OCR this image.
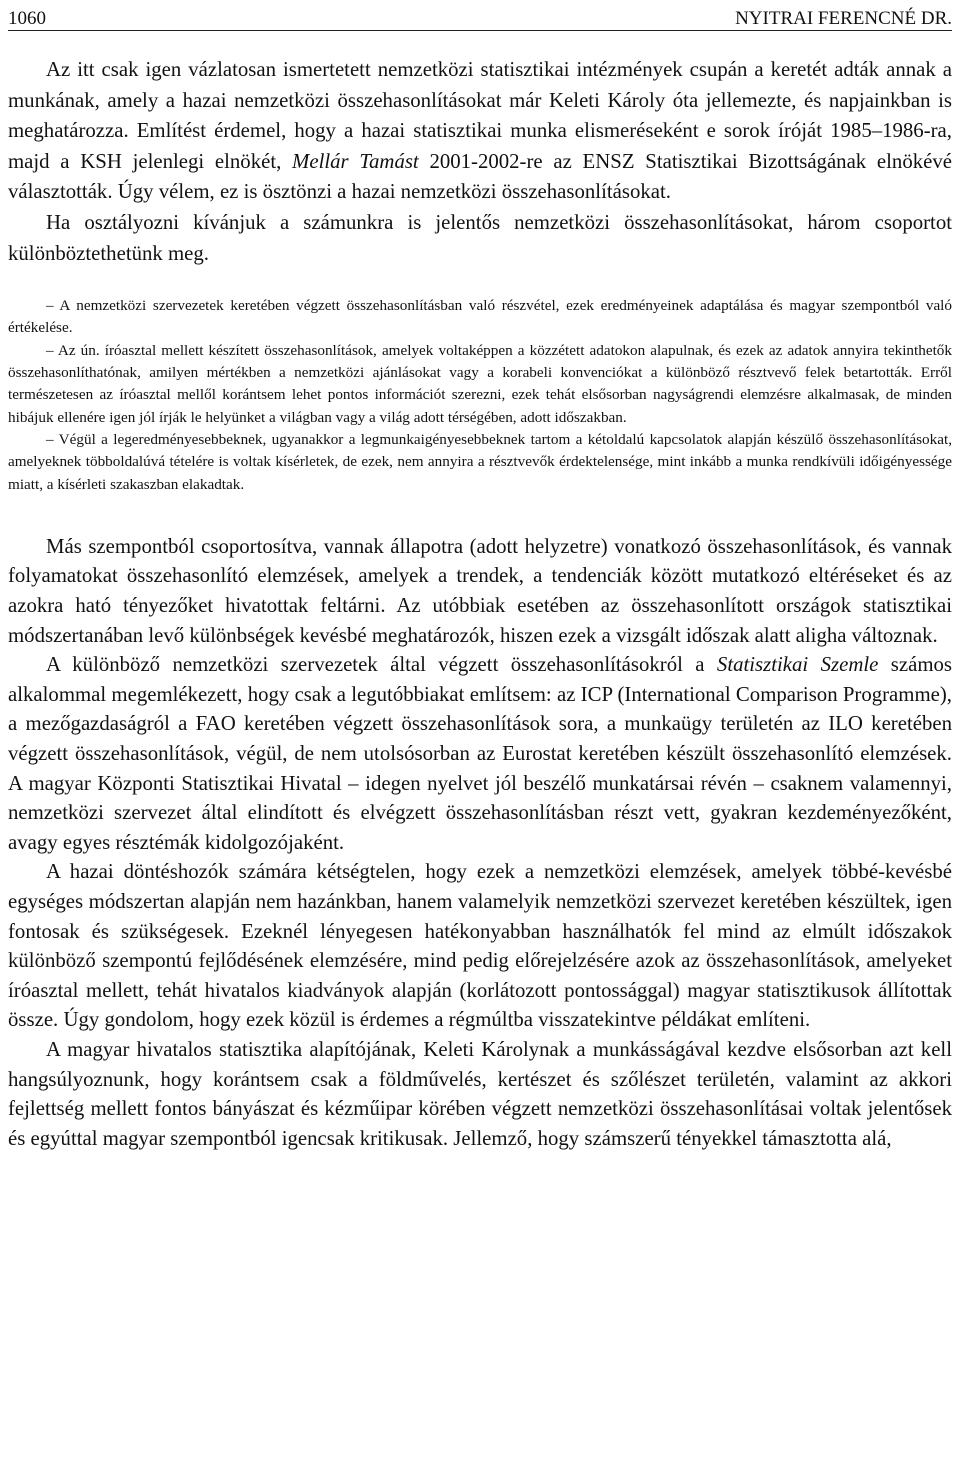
1060	NYITRAI FERENCNÉ DR.

Az itt csak igen vázlatosan ismertetett nemzetközi statisztikai intézmények csupán a keretét adták annak a munkának, amely a hazai nemzetközi összehasonlításokat már Keleti Károly óta jellemezte, és napjainkban is meghatározza. Említést érdemel, hogy a hazai statisztikai munka elismeréseként e sorok íróját 1985–1986-ra, majd a KSH jelenlegi elnökét, Mellár Tamást 2001-2002-re az ENSZ Statisztikai Bizottságának elnökévé választották. Úgy vélem, ez is ösztönzi a hazai nemzetközi összehasonlításokat.

Ha osztályozni kívánjuk a számunkra is jelentős nemzetközi összehasonlításokat, három csoportot különböztethetünk meg.

– A nemzetközi szervezetek keretében végzett összehasonlításban való részvétel, ezek eredményeinek adaptálása és magyar szempontból való értékelése.

– Az ún. íróasztal mellett készített összehasonlítások, amelyek voltaképpen a közzétett adatokon alapulnak, és ezek az adatok annyira tekinthetők összehasonlíthatónak, amilyen mértékben a nemzetközi ajánlásokat vagy a korabeli konvenciókat a különböző résztvevő felek betartották. Erről természetesen az íróasztal mellől korántsem lehet pontos információt szerezni, ezek tehát elsősorban nagyságrendi elemzésre alkalmasak, de minden hibájuk ellenére igen jól írják le helyünket a világban vagy a világ adott térségében, adott időszakban.

– Végül a legeredményesebbeknek, ugyanakkor a legmunkaigényesebbeknek tartom a kétoldalú kapcsolatok alapján készülő összehasonlításokat, amelyeknek többoldalúvá tételére is voltak kísérletek, de ezek, nem annyira a résztvevők érdektelensége, mint inkább a munka rendkívüli időigényessége miatt, a kísérleti szakaszban elakadtak.

Más szempontból csoportosítva, vannak állapotra (adott helyzetre) vonatkozó összehasonlítások, és vannak folyamatokat összehasonlító elemzések, amelyek a trendek, a tendenciák között mutatkozó eltéréseket és az azokra ható tényezőket hivatottak feltárni. Az utóbbiak esetében az összehasonlított országok statisztikai módszertanában levő különbségek kevésbé meghatározók, hiszen ezek a vizsgált időszak alatt aligha változnak.

A különböző nemzetközi szervezetek által végzett összehasonlításokról a Statisztikai Szemle számos alkalommal megemlékezett, hogy csak a legutóbbiakat említsem: az ICP (International Comparison Programme), a mezőgazdaságról a FAO keretében végzett összehasonlítások sora, a munkaügy területén az ILO keretében végzett összehasonlítások, végül, de nem utolsósorban az Eurostat keretében készült összehasonlító elemzések. A magyar Központi Statisztikai Hivatal – idegen nyelvet jól beszélő munkatársai révén – csaknem valamennyi, nemzetközi szervezet által elindított és elvégzett összehasonlításban részt vett, gyakran kezdeményezőként, avagy egyes résztémák kidolgozójaként.

A hazai döntéshozók számára kétségtelen, hogy ezek a nemzetközi elemzések, amelyek többé-kevésbé egységes módszertan alapján nem hazánkban, hanem valamelyik nemzetközi szervezet keretében készültek, igen fontosak és szükségesek. Ezeknél lényegesen hatékonyabban használhatók fel mind az elmúlt időszakok különböző szempontú fejlődésének elemzésére, mind pedig előrejelzésére azok az összehasonlítások, amelyeket íróasztal mellett, tehát hivatalos kiadványok alapján (korlátozott pontossággal) magyar statisztikusok állítottak össze. Úgy gondolom, hogy ezek közül is érdemes a régmúltba visszatekintve példákat említeni.

A magyar hivatalos statisztika alapítójának, Keleti Károlynak a munkásságával kezdve elsősorban azt kell hangsúlyoznunk, hogy korántsem csak a földművelés, kertészet és szőlészet területén, valamint az akkori fejlettség mellett fontos bányászat és kézműipar körében végzett nemzetközi összehasonlításai voltak jelentősek és egyúttal magyar szempontból igencsak kritikusak. Jellemző, hogy számszerű tényekkel támasztotta alá,
